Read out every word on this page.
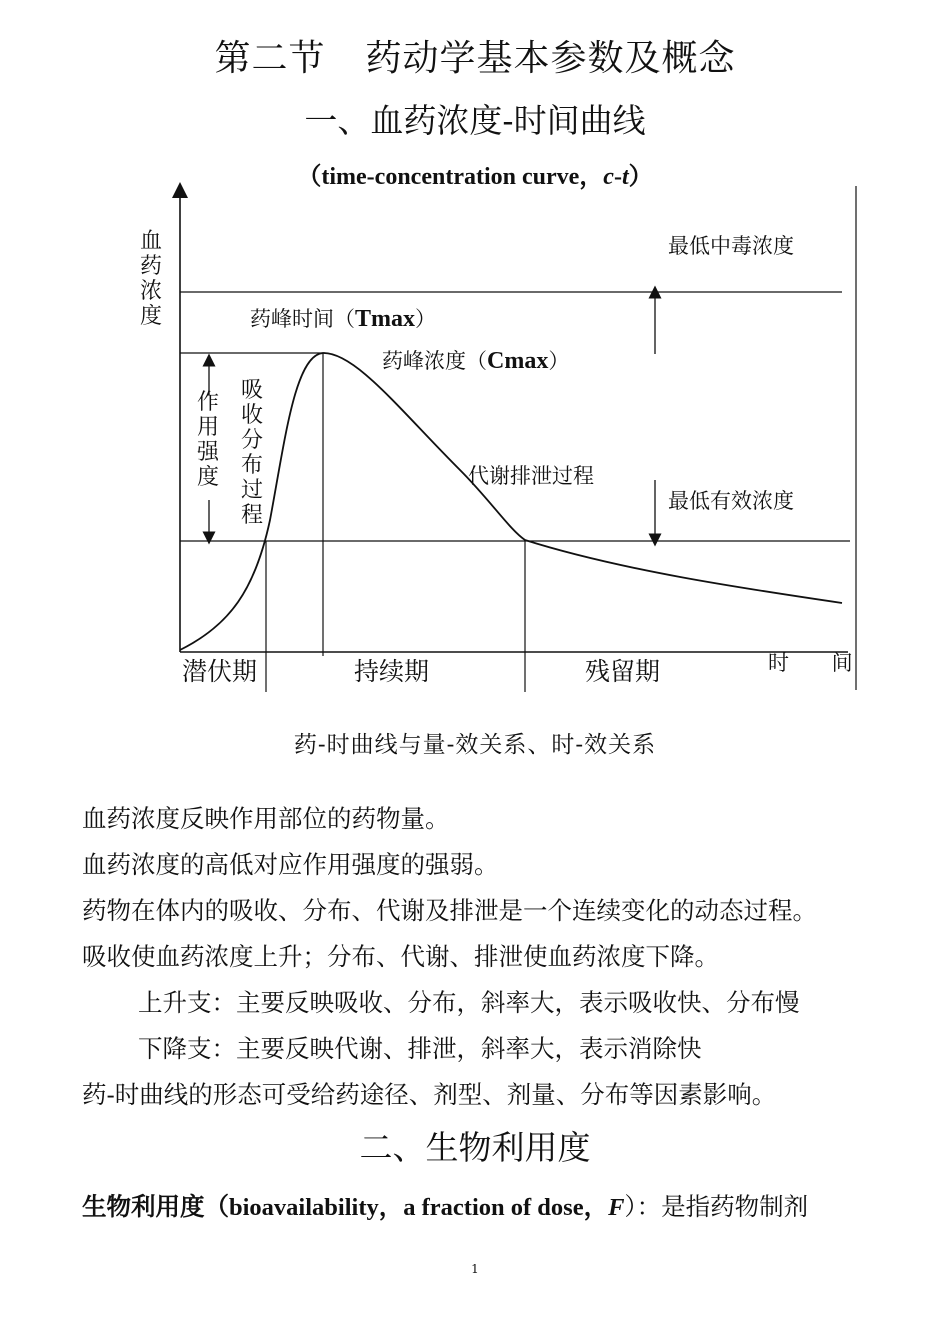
第二节 药动学基本参数及概念
一、血药浓度-时间曲线
（time-concentration curve，c-t）
最低中毒浓度
药峰时间（Tmax）
药峰浓度（Cmax）
代谢排泄过程
最低有效浓度
潜伏期	持续期	残留期	时 间
血药浓度
作用强度
吸收分布过程
药-时曲线与量-效关系、时-效关系
血药浓度反映作用部位的药物量。
血药浓度的高低对应作用强度的强弱。
药物在体内的吸收、分布、代谢及排泄是一个连续变化的动态过程。
吸收使血药浓度上升；分布、代谢、排泄使血药浓度下降。
上升支：主要反映吸收、分布，斜率大，表示吸收快、分布慢
下降支：主要反映代谢、排泄，斜率大，表示消除快
药-时曲线的形态可受给药途径、剂型、剂量、分布等因素影响。
二、生物利用度
生物利用度（bioavailability，a fraction of dose，F）：是指药物制剂
1
